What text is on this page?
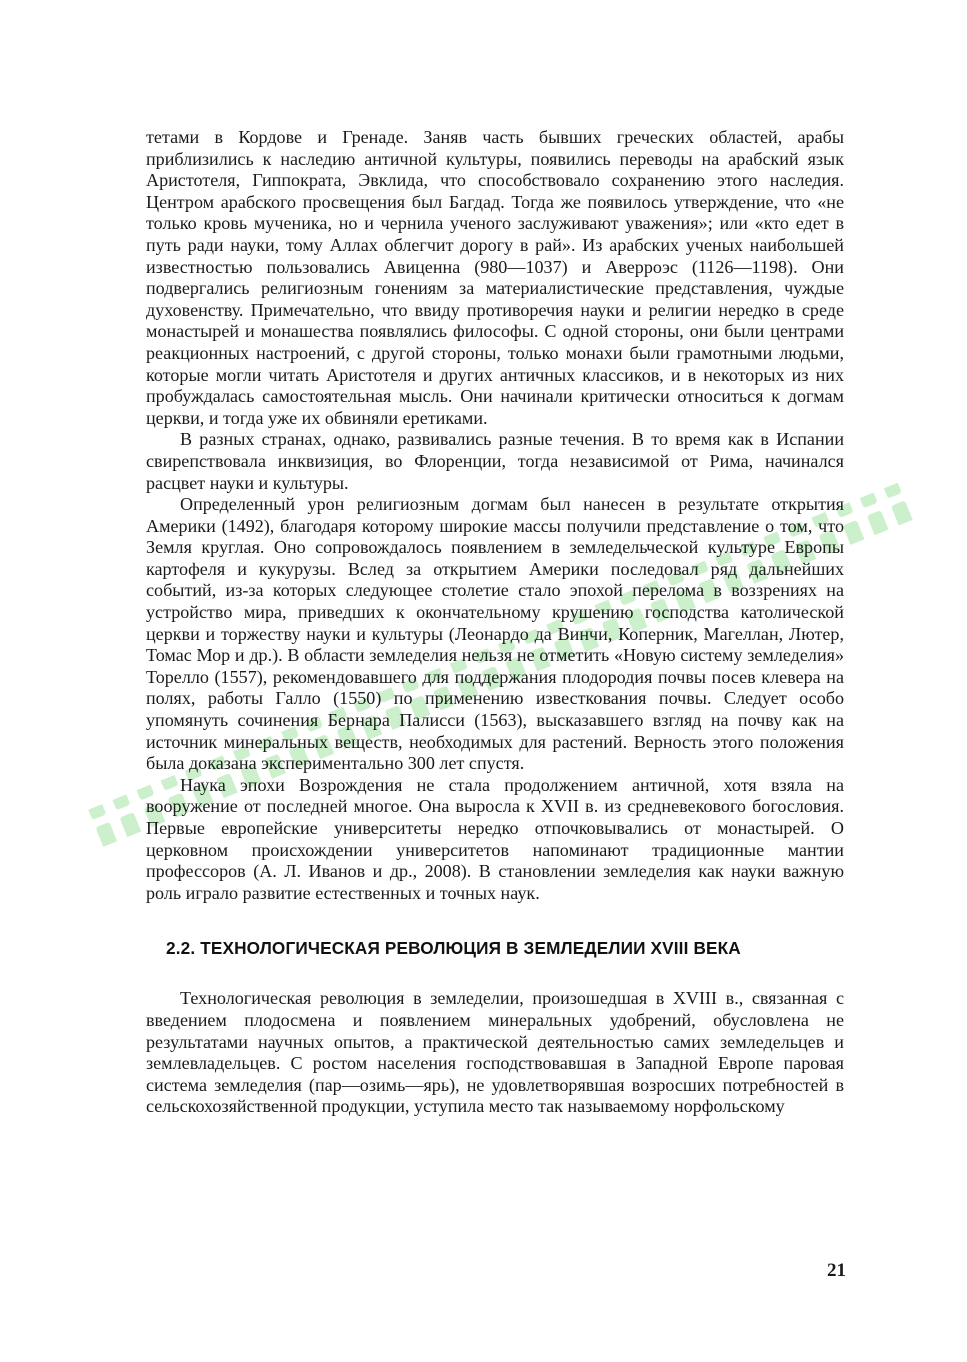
тетами в Кордове и Гренаде. Заняв часть бывших греческих областей, арабы приблизились к наследию античной культуры, появились переводы на арабский язык Аристотеля, Гиппократа, Эвклида, что способствовало сохранению этого наследия. Центром арабского просвещения был Багдад. Тогда же появилось утверждение, что «не только кровь мученика, но и чернила ученого заслуживают уважения»; или «кто едет в путь ради науки, тому Аллах облегчит дорогу в рай». Из арабских ученых наибольшей известностью пользовались Авиценна (980—1037) и Аверроэс (1126—1198). Они подвергались религиозным гонениям за материалистические представления, чуждые духовенству. Примечательно, что ввиду противоречия науки и религии нередко в среде монастырей и монашества появлялись философы. С одной стороны, они были центрами реакционных настроений, с другой стороны, только монахи были грамотными людьми, которые могли читать Аристотеля и других античных классиков, и в некоторых из них пробуждалась самостоятельная мысль. Они начинали критически относиться к догмам церкви, и тогда уже их обвиняли еретиками.

В разных странах, однако, развивались разные течения. В то время как в Испании свирепствовала инквизиция, во Флоренции, тогда независимой от Рима, начинался расцвет науки и культуры.

Определенный урон религиозным догмам был нанесен в результате открытия Америки (1492), благодаря которому широкие массы получили представление о том, что Земля круглая. Оно сопровождалось появлением в земледельческой культуре Европы картофеля и кукурузы. Вслед за открытием Америки последовал ряд дальнейших событий, из-за которых следующее столетие стало эпохой перелома в воззрениях на устройство мира, приведших к окончательному крушению господства католической церкви и торжеству науки и культуры (Леонардо да Винчи, Коперник, Магеллан, Лютер, Томас Мор и др.). В области земледелия нельзя не отметить «Новую систему земледелия» Торелло (1557), рекомендовавшего для поддержания плодородия почвы посев клевера на полях, работы Галло (1550) по применению известкования почвы. Следует особо упомянуть сочинения Бернара Палисси (1563), высказавшего взгляд на почву как на источник минеральных веществ, необходимых для растений. Верность этого положения была доказана экспериментально 300 лет спустя.

Наука эпохи Возрождения не стала продолжением античной, хотя взяла на вооружение от последней многое. Она выросла к XVII в. из средневекового богословия. Первые европейские университеты нередко отпочковывались от монастырей. О церковном происхождении университетов напоминают традиционные мантии профессоров (А. Л. Иванов и др., 2008). В становлении земледелия как науки важную роль играло развитие естественных и точных наук.

2.2. ТЕХНОЛОГИЧЕСКАЯ РЕВОЛЮЦИЯ В ЗЕМЛЕДЕЛИИ XVIII ВЕКА

Технологическая революция в земледелии, произошедшая в XVIII в., связанная с введением плодосмена и появлением минеральных удобрений, обусловлена не результатами научных опытов, а практической деятельностью самих земледельцев и землевладельцев. С ростом населения господствовавшая в Западной Европе паровая система земледелия (пар—озимь—ярь), не удовлетворявшая возросших потребностей в сельскохозяйственной продукции, уступила место так называемому норфольскому

21
